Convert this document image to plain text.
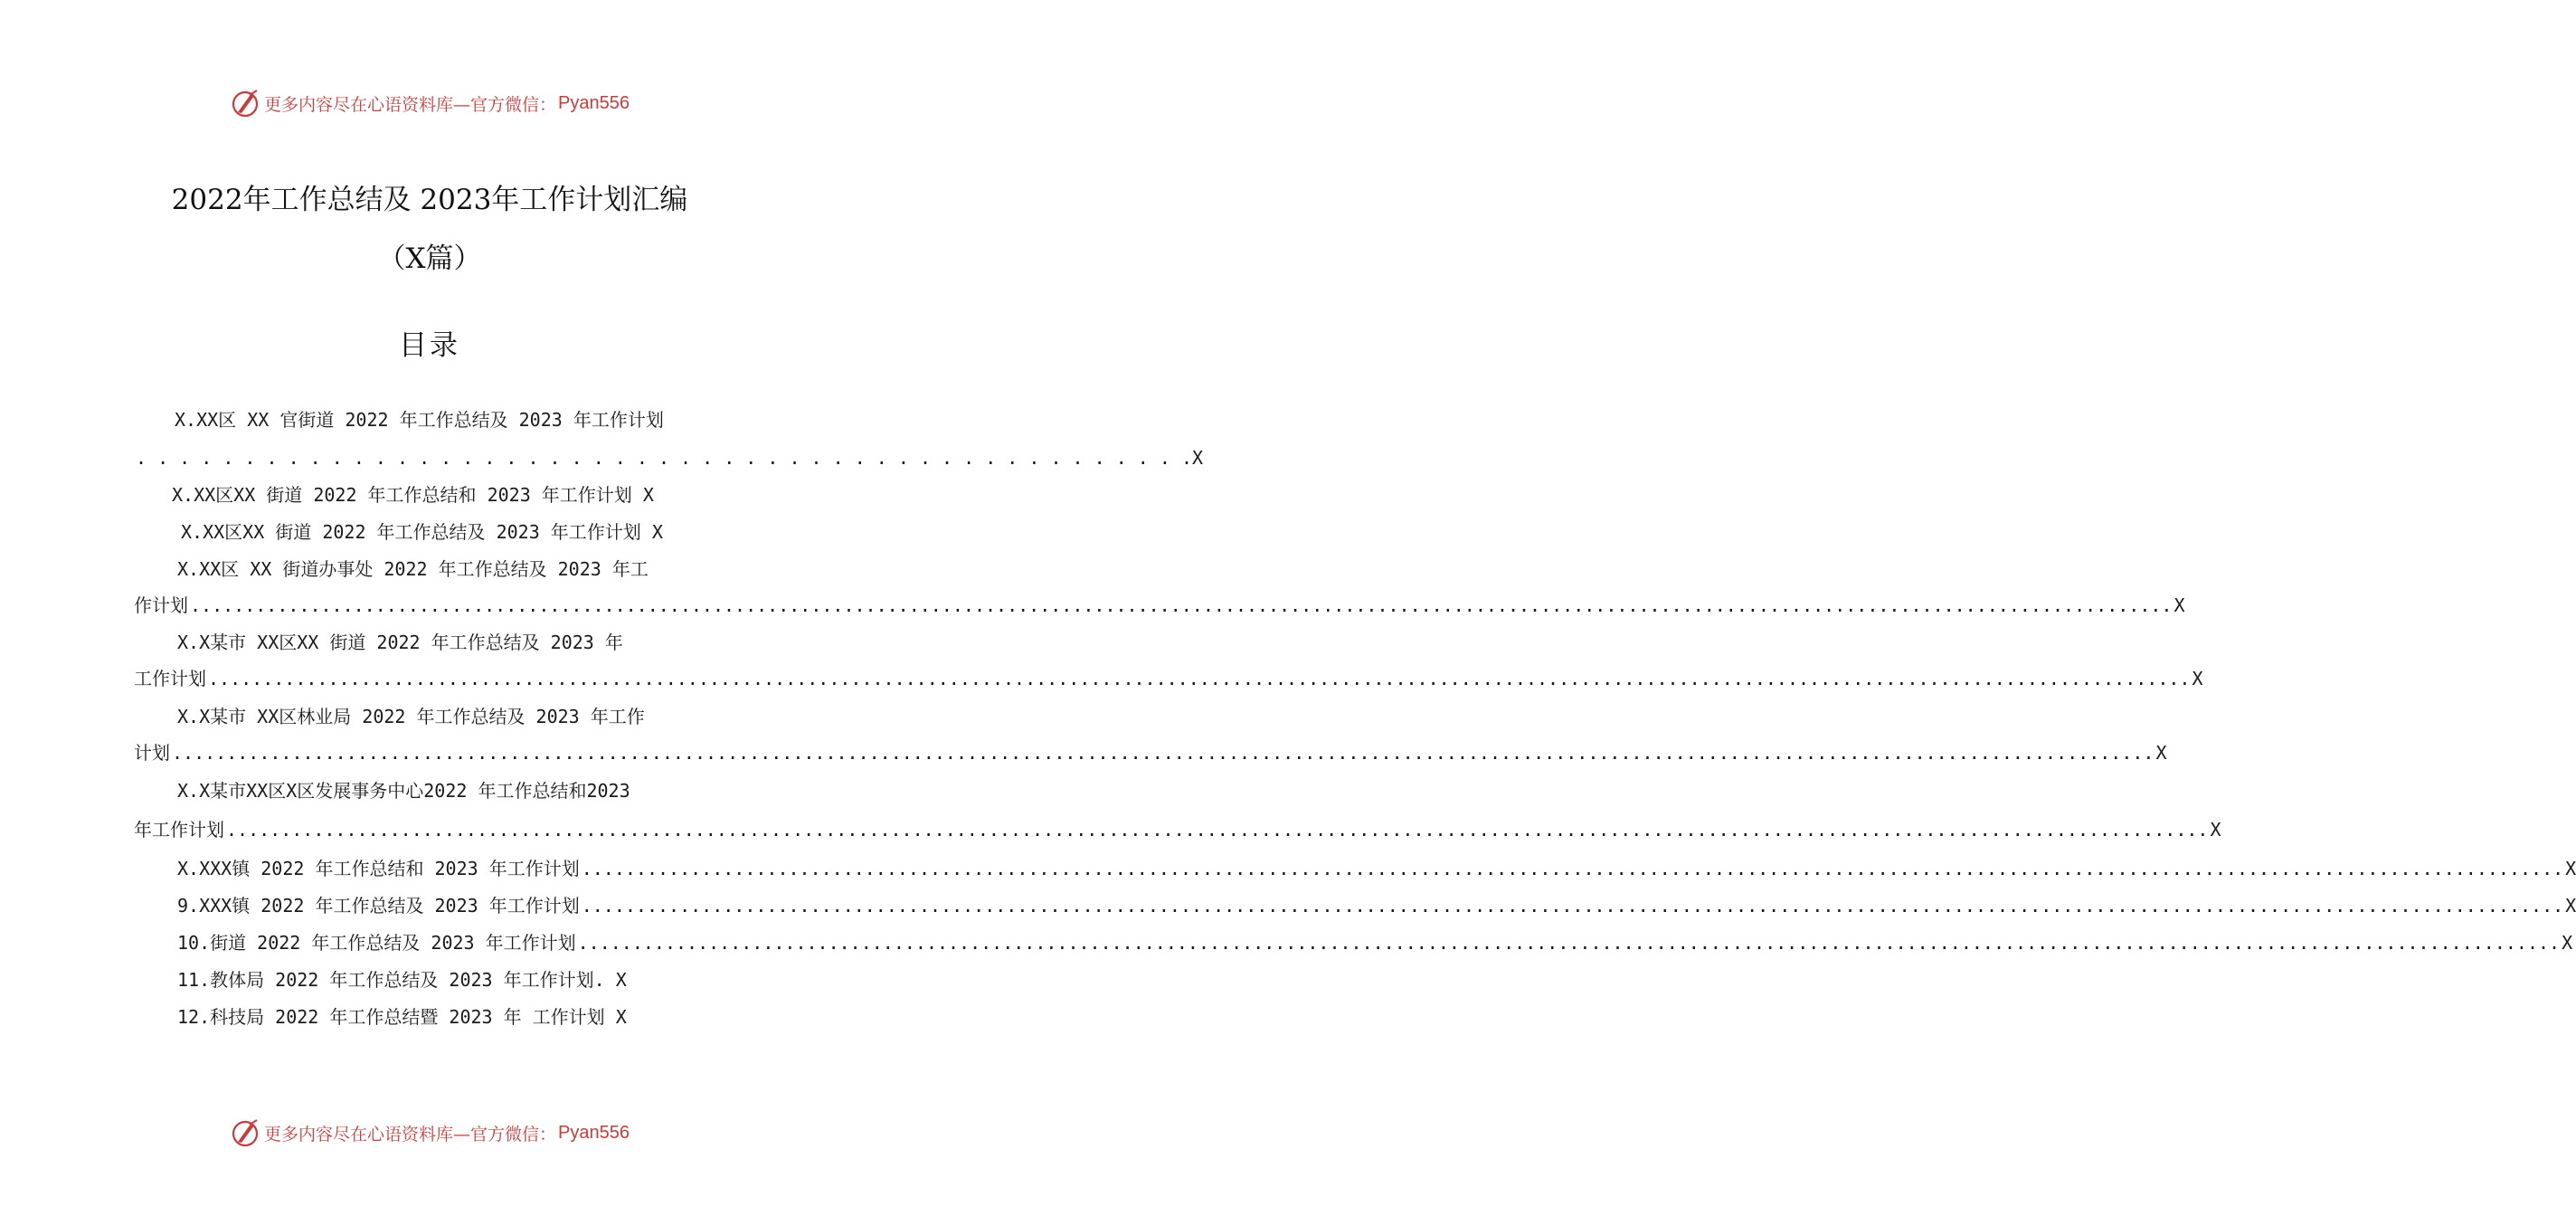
更多内容尽在心语资料库—官方微信： Pyan556
2022年工作总结及 2023年工作计划汇编
（X篇）
目录
X.XX区 XX 官街道 2022 年工作总结及 2023 年工作计划
. . . . . . . . . . . . . . . . . . . . . . . . . . . . . . . . . . . . . . . . . . . . . . . . . X
X.XX区XX 街道 2022 年工作总结和 2023 年工作计划 X
X.XX区XX 街道 2022 年工作总结及 2023 年工作计划 X
X.XX区 XX 街道办事处 2022 年工作总结及 2023 年工
作计划 .....	X
X.X某市 XX区XX 街道 2022 年工作总结及 2023 年
工作计划 .....	X
X.X某市 XX区林业局 2022 年工作总结及 2023 年工作
计划 .....	X
X.X某市XX区X区发展事务中心2022 年工作总结和2023
年工作计划 .....	X
X.XXX镇 2022 年工作总结和 2023 年工作计划 .....	X
9.XXX镇 2022 年工作总结及 2023 年工作计划 .....	X
10.街道 2022 年工作总结及 2023 年工作计划 .....	X
11.教体局 2022 年工作总结及 2023 年工作计划. X
12.科技局 2022 年工作总结暨 2023 年 工作计划 X
更多内容尽在心语资料库—官方微信： Pyan556
